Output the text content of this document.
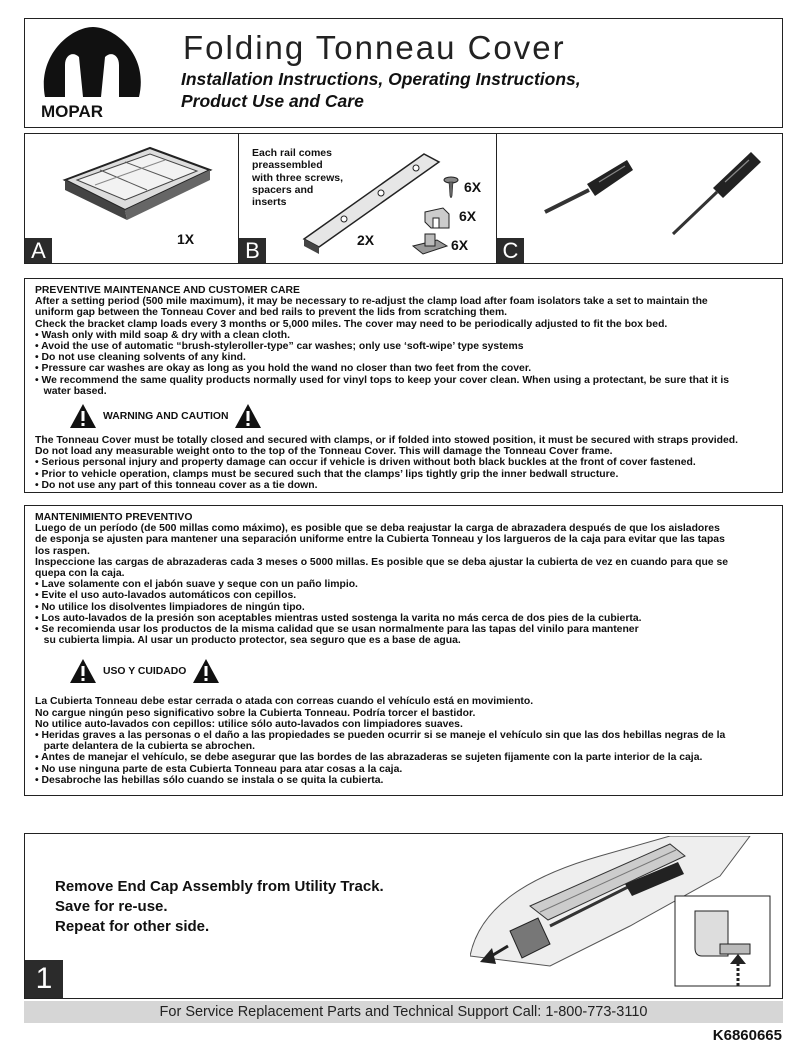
MOPAR
Folding Tonneau Cover
Installation Instructions, Operating Instructions,
Product Use and Care
1X
A
Each rail comes
preassembled
with three screws,
spacers and
inserts
2X
6X
6X
6X
B	C

PREVENTIVE MAINTENANCE AND CUSTOMER CARE

After a setting period (500 mile maximum), it may be necessary to re-adjust the clamp load after foam isolators take a set to maintain the

uniform gap between the Tonneau Cover and bed rails to prevent the lids from scratching them.

Check the bracket clamp loads every 3 months or 5,000 miles. The cover may need to be periodically adjusted to fit the box bed.

• Wash only with mild soap & dry with a clean cloth.

• Avoid the use of automatic “brush-styleroller-type” car washes; only use ‘soft-wipe’ type systems

• Do not use cleaning solvents of any kind.

• Pressure car washes are okay as long as you hold the wand no closer than two feet from the cover.

• We recommend the same quality products normally used for vinyl tops to keep your cover clean. When using a protectant, be sure that it is

water based.

WARNING AND CAUTION

The Tonneau Cover must be totally closed and secured with clamps, or if folded into stowed position, it must be secured with straps provided.

Do not load any measurable weight onto to the top of the Tonneau Cover. This will damage the Tonneau Cover frame.

• Serious personal injury and property damage can occur if vehicle is driven without both black buckles at the front of cover fastened.

• Prior to vehicle operation, clamps must be secured such that the clamps’ lips tightly grip the inner bedwall structure.

• Do not use any part of this tonneau cover as a tie down.

MANTENIMIENTO PREVENTIVO

Luego de un período (de 500 millas como máximo), es posible que se deba reajustar la carga de abrazadera después de que los aisladores

de esponja se ajusten para mantener una separación uniforme entre la Cubierta Tonneau y los largueros de la caja para evitar que las tapas

los raspen.

Inspeccione las cargas de abrazaderas cada 3 meses o 5000 millas. Es posible que se deba ajustar la cubierta de vez en cuando para que se

quepa con la caja.

• Lave solamente con el jabón suave y seque con un paño limpio.

• Evite el uso auto-lavados automáticos con cepillos.

• No utilice los disolventes limpiadores de ningún tipo.

• Los auto-lavados de la presión son aceptables mientras usted sostenga la varita no más cerca de dos pies de la cubierta.

• Se recomienda usar los productos de la misma calidad que se usan normalmente para las tapas del vinilo para mantener

su cubierta limpia. Al usar un producto protector, sea seguro que es a base de agua.

USO Y CUIDADO

La Cubierta Tonneau debe estar cerrada o atada con correas cuando el vehículo está en movimiento.

No cargue ningún peso significativo sobre la Cubierta Tonneau. Podría torcer el bastidor.

No utilice auto-lavados con cepillos: utilice sólo auto-lavados con limpiadores suaves.

• Heridas graves a las personas o el daño a las propiedades se pueden ocurrir si se maneje el vehículo sin que las dos hebillas negras de la

parte delantera de la cubierta se abrochen.

• Antes de manejar el vehículo, se debe asegurar que las bordes de las abrazaderas se sujeten fijamente con la parte interior de la caja.

• No use ninguna parte de esta Cubierta Tonneau para atar cosas a la caja.

• Desabroche las hebillas sólo cuando se instala o se quita la cubierta.

Remove End Cap Assembly from Utility Track.
Save for re-use.
Repeat for other side.
1
For Service Replacement Parts and Technical Support Call: 1-800-773-3110
K6860665
